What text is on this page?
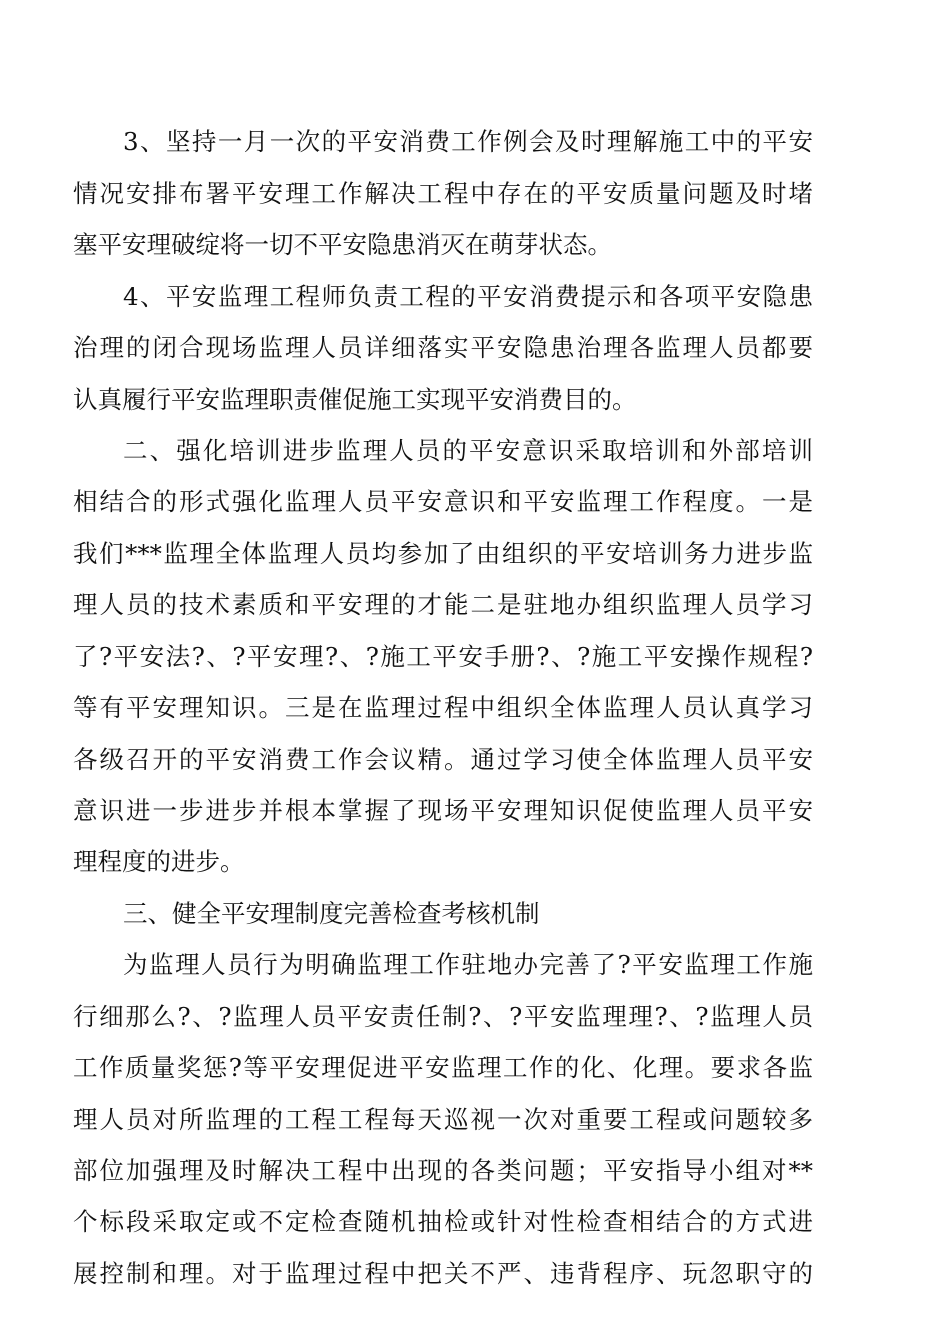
3、坚持一月一次的平安消费工作例会及时理解施工中的平安
情况安排布署平安理工作解决工程中存在的平安质量问题及时堵
塞平安理破绽将一切不平安隐患消灭在萌芽状态。
4、平安监理工程师负责工程的平安消费提示和各项平安隐患
治理的闭合现场监理人员详细落实平安隐患治理各监理人员都要
认真履行平安监理职责催促施工实现平安消费目的。
二、强化培训进步监理人员的平安意识采取培训和外部培训
相结合的形式强化监理人员平安意识和平安监理工作程度。一是
我们***监理全体监理人员均参加了由组织的平安培训务力进步监
理人员的技术素质和平安理的才能二是驻地办组织监理人员学习
了?平安法?、?平安理?、?施工平安手册?、?施工平安操作规程?
等有平安理知识。三是在监理过程中组织全体监理人员认真学习
各级召开的平安消费工作会议精。通过学习使全体监理人员平安
意识进一步进步并根本掌握了现场平安理知识促使监理人员平安
理程度的进步。
三、健全平安理制度完善检查考核机制
为监理人员行为明确监理工作驻地办完善了?平安监理工作施
行细那么?、?监理人员平安责任制?、?平安监理理?、?监理人员
工作质量奖惩?等平安理促进平安监理工作的化、化理。要求各监
理人员对所监理的工程工程每天巡视一次对重要工程或问题较多
部位加强理及时解决工程中出现的各类问题；平安指导小组对**
个标段采取定或不定检查随机抽检或针对性检查相结合的方式进
展控制和理。对于监理过程中把关不严、违背程序、玩忽职守的
